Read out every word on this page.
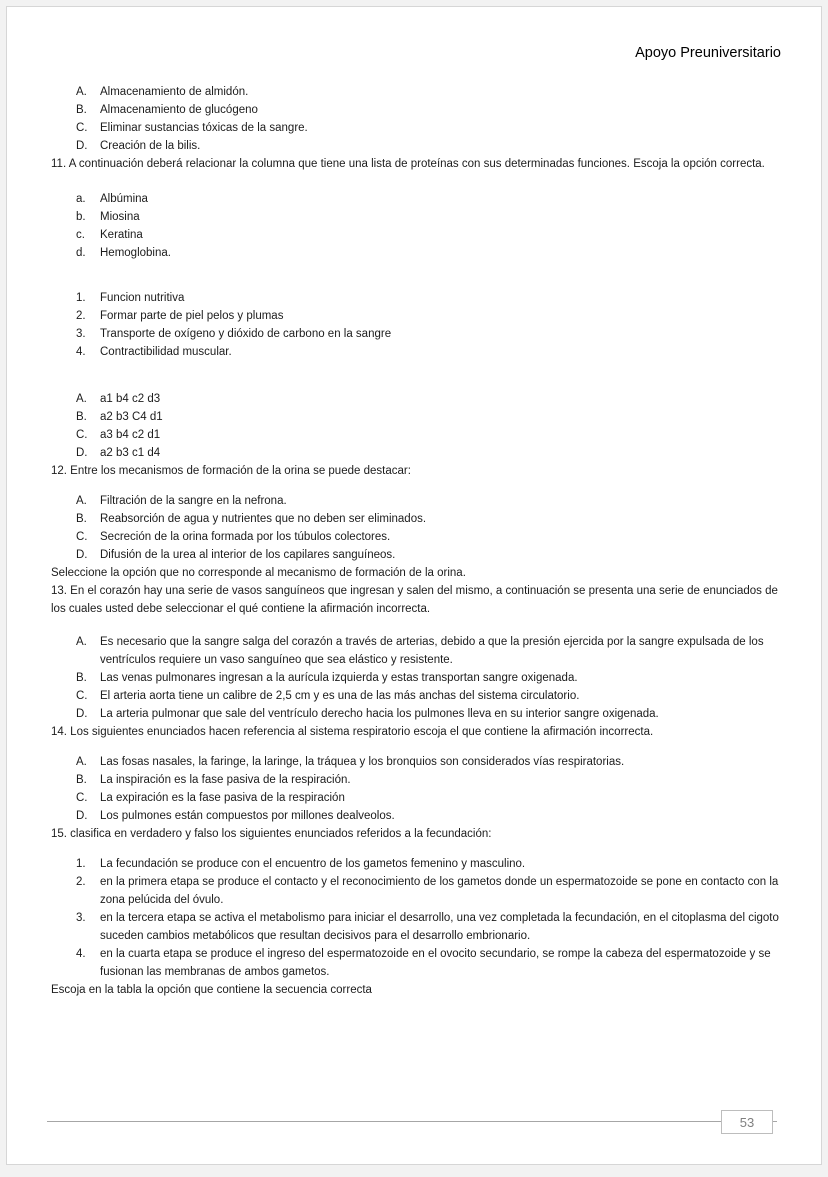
Apoyo Preuniversitario
A.	Almacenamiento de almidón.
B.	Almacenamiento de glucógeno
C.	Eliminar sustancias tóxicas de la sangre.
D.	Creación de la bilis.

11. A continuación deberá relacionar la columna que tiene una lista de proteínas con sus determinadas funciones. Escoja la opción correcta.

a.	Albúmina
b.	Miosina
c.	Keratina
d.	Hemoglobina.
1.	Funcion nutritiva
2.	Formar parte de piel pelos y plumas
3.	Transporte de oxígeno y dióxido de carbono en la sangre
4.	Contractibilidad muscular.
A.	a1 b4 c2 d3
B.	a2 b3 C4 d1
C.	a3 b4 c2 d1
D.	a2 b3 c1 d4

12. Entre los mecanismos de formación de la orina se puede destacar:

A.	Filtración de la sangre en la nefrona.
B.	Reabsorción de agua y nutrientes que no deben ser eliminados.
C.	Secreción de la orina formada por los túbulos colectores.
D.	Difusión de la urea al interior de los capilares sanguíneos.

Seleccione la opción que no corresponde al mecanismo de formación de la orina.

13. En el corazón hay una serie de vasos sanguíneos que ingresan y salen del mismo, a continuación se presenta una serie de enunciados de los cuales usted debe seleccionar el qué contiene la afirmación incorrecta.

A.	Es necesario que la sangre salga del corazón a través de arterias, debido a que la presión ejercida por la sangre expulsada de los ventrículos requiere un vaso sanguíneo que sea elástico y resistente.
B.	Las venas pulmonares ingresan a la aurícula izquierda y estas transportan sangre oxigenada.
C.	El arteria aorta tiene un calibre de 2,5 cm y es una de las más anchas del sistema circulatorio.
D.	La arteria pulmonar que sale del ventrículo derecho hacia los pulmones lleva en su interior sangre oxigenada.

14. Los siguientes enunciados hacen referencia al sistema respiratorio escoja el que contiene la afirmación incorrecta.

A.	Las fosas nasales, la faringe, la laringe, la tráquea y los bronquios son considerados vías respiratorias.
B.	La inspiración es la fase pasiva de la respiración.
C.	La expiración es la fase pasiva de la respiración
D.	Los pulmones están compuestos por millones dealveolos.

15. clasifica en verdadero y falso los siguientes enunciados referidos a la fecundación:

1.	La fecundación se produce con el encuentro de los gametos femenino y masculino.
2.	en la primera etapa se produce el contacto y el reconocimiento de los gametos donde un espermatozoide se pone en contacto con la zona pelúcida del óvulo.
3.	en la tercera etapa se activa el metabolismo para iniciar el desarrollo, una vez completada la fecundación, en el citoplasma del cigoto suceden cambios metabólicos que resultan decisivos para el desarrollo embrionario.
4.	en la cuarta etapa se produce el ingreso del espermatozoide en el ovocito secundario, se rompe la cabeza del espermatozoide y se fusionan las membranas de ambos gametos.

Escoja en la tabla la opción que contiene la secuencia correcta

53
